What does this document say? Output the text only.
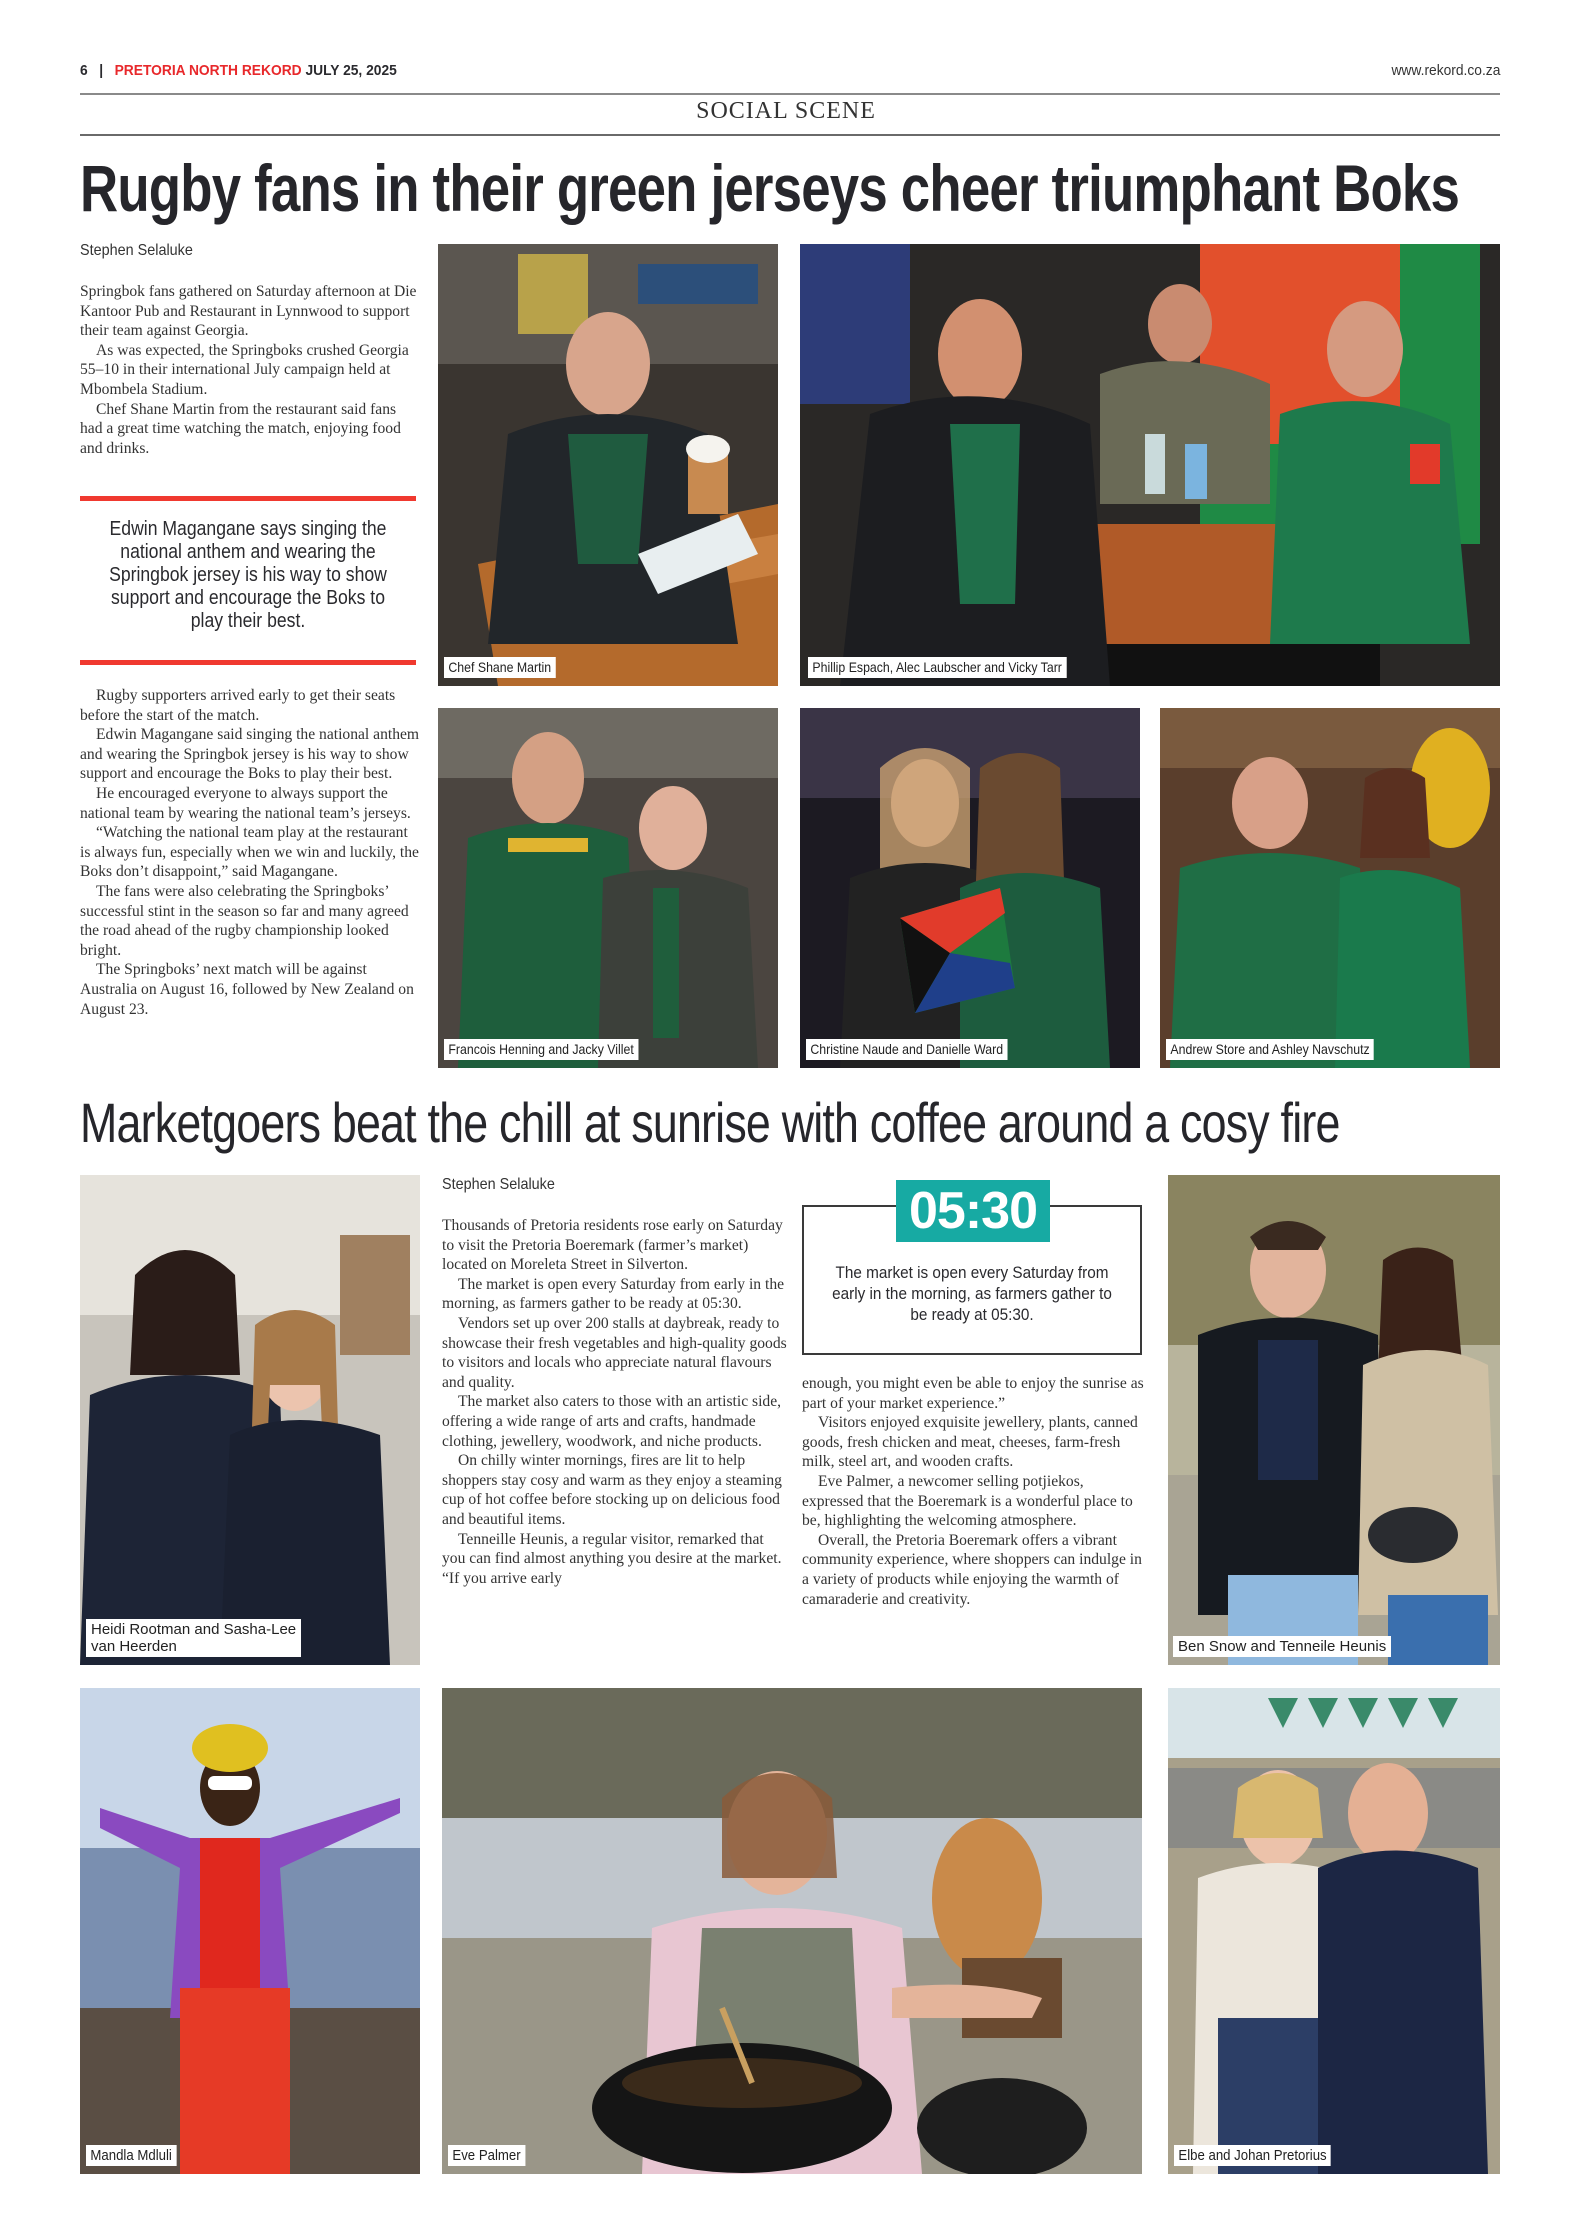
6 | PRETORIA NORTH REKORD JULY 25, 2025	www.rekord.co.za
SOCIAL SCENE
Rugby fans in their green jerseys cheer triumphant Boks
Stephen Selaluke

Springbok fans gathered on Saturday afternoon at Die Kantoor Pub and Restaurant in Lynnwood to support their team against Georgia.

As was expected, the Springboks crushed Georgia 55–10 in their international July campaign held at Mbombela Stadium.

Chef Shane Martin from the restaurant said fans had a great time watching the match, enjoying food and drinks.

Edwin Magangane says singing the national anthem and wearing the Springbok jersey is his way to show support and encourage the Boks to play their best.

Rugby supporters arrived early to get their seats before the start of the match.

Edwin Magangane said singing the national anthem and wearing the Springbok jersey is his way to show support and encourage the Boks to play their best.

He encouraged everyone to always support the national team by wearing the national team’s jerseys.

“Watching the national team play at the restaurant is always fun, especially when we win and luckily, the Boks don’t disappoint,” said Magangane.

The fans were also celebrating the Springboks’ successful stint in the season so far and many agreed the road ahead of the rugby championship looked bright.

The Springboks’ next match will be against Australia on August 16, followed by New Zealand on August 23.

Chef Shane Martin	Phillip Espach, Alec Laubscher and Vicky Tarr
Francois Henning and Jacky Villet	Christine Naude and Danielle Ward	Andrew Store and Ashley Navschutz
Marketgoers beat the chill at sunrise with coffee around a cosy fire
Heidi Rootman and Sasha-Lee
van Heerden
Stephen Selaluke

Thousands of Pretoria residents rose early on Saturday to visit the Pretoria Boeremark (farmer’s market) located on Moreleta Street in Silverton.

The market is open every Saturday from early in the morning, as farmers gather to be ready at 05:30.

Vendors set up over 200 stalls at daybreak, ready to showcase their fresh vegetables and high-quality goods to visitors and locals who appreciate natural flavours and quality.

The market also caters to those with an artistic side, offering a wide range of arts and crafts, handmade clothing, jewellery, woodwork, and niche products.

On chilly winter mornings, fires are lit to help shoppers stay cosy and warm as they enjoy a steaming cup of hot coffee before stocking up on delicious food and beautiful items.

Tenneille Heunis, a regular visitor, remarked that you can find almost anything you desire at the market. “If you arrive early

05:30
The market is open every Saturday from early in the morning, as farmers gather to be ready at 05:30.

enough, you might even be able to enjoy the sunrise as part of your market experience.”

Visitors enjoyed exquisite jewellery, plants, canned goods, fresh chicken and meat, cheeses, farm-fresh milk, steel art, and wooden crafts.

Eve Palmer, a newcomer selling potjiekos, expressed that the Boeremark is a wonderful place to be, highlighting the welcoming atmosphere.

Overall, the Pretoria Boeremark offers a vibrant community experience, where shoppers can indulge in a variety of products while enjoying the warmth of camaraderie and creativity.

Ben Snow and Tenneile Heunis
Mandla Mdluli	Eve Palmer	Elbe and Johan Pretorius
